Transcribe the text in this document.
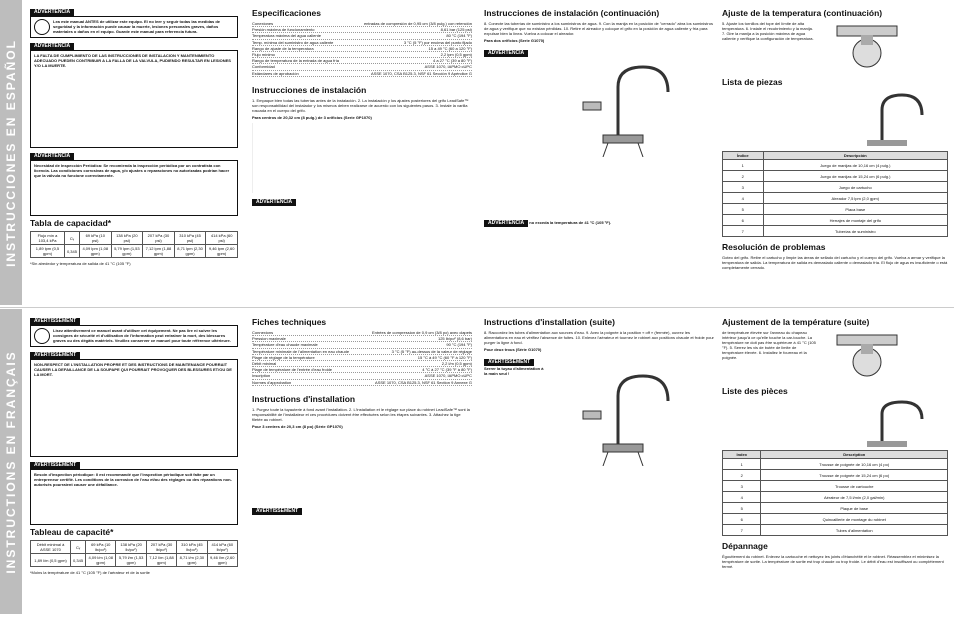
INSTRUCCIONES EN ESPAÑOL
ADVERTENCIA
Lea este manual ANTES de utilizar este equipo. El no leer y seguir todas las medidas de seguridad y la información puede causar la muerte, lesiones personales graves, daños materiales o daños en el equipo. Guarde este manual para referencia futura.
ADVERTENCIA
LA FALTA DE CUMPLIMIENTO DE LAS INSTRUCCIONES DE INSTALACION Y MANTENIMIENTO ADECUADO PUEDEN CONTRIBUIR A LA FALLA DE LA VALVULA, PUDIENDO RESULTAR EN LESIONES Y/O LA MUERTE.
ADVERTENCIA
Necesidad de Inspección Periódica: Se recomienda la inspección periódica por un contratista con licencia. Las condiciones corrosivas de agua, y/o ajustes o reparaciones no autorizadas podrían hacer que la válvula no funcione correctamente.
Tabla de capacidad*
Flujo mín a 103,4 kPa	Cᵥ	69 kPa (10 psi)	138 kPa (20 psi)	207 kPa (30 psi)	310 kPa (45 psi)	414 kPa (60 psi)
1,89 lpm (0,5 gpm)	0,345	4,09 lpm (1,08 gpm)	5,79 lpm (1,53 gpm)	7,12 lpm (1,88 gpm)	8,71 lpm (2,30 gpm)	9,46 lpm (2,60 gpm)
*Sin alrededor y temperatura de salida de 41 °C (105 °F)
Especificaciones
Conexiones	entradas de compresión de 0,95 cm (3/8 pulg.) con retención
Presión máxima de funcionamiento	8,61 bar (125 psi)
Temperatura máxima del agua caliente	80 °C (194 °F)
Temp. mínima del suministro de agua caliente	3 °C (5 °F) por encima del punto fijado
Rango de ajuste de la temperatura	15 a 49 °C (60 a 120 °F)
Flujo mínimo	2,2 lpm (0,5 gpm)
Rango de temperatura de la entrada de agua fría	4 a 27 °C (39 a 80 °F)
Conformidad	ASSE 1070, IAPMO cUPC
Estándares de aprobación	ASSE 1070, CSA B125.3, NSF 61 Sección 9 Apéndice G
Instrucciones de instalación
1. Empaque bien todas las tuberías antes de la instalación. 2. La instalación y los ajustes posteriores del grifo LeadSafe™ son responsabilidad del instalador y los mismos deben realizarse de acuerdo con los siguientes pasos. 3. Instale la varilla roscada en el cuerpo del grifo.
Para centros de 20,32 cm (8 pulg.) de 3 orificios (Serie GP1070)
ADVERTENCIA
Instrucciones de instalación (continuación)
8. Conecte las tuberías de suministro a los suministros de agua. 9. Con la manija en la posición de "cerrado" abra los suministros de agua y verifique que no existan pérdidas. 10. Retire el aireador y coloque el grifo en la posición de agua caliente y fría para expulsar bien la línea. Vuelva a colocar el aireador.
Para dos orificios (Serie G1070)
ADVERTENCIA
ADVERTENCIA no exceda la temperatura de 41 °C (105 °F).
Ajuste de la temperatura (continuación)
5. Ajuste los tornillos del tope del límite de alta temperatura. 6. Instale el recubrimiento y la manija. 7. Gire la manija a la posición máxima de agua caliente y verifique la configuración de temperatura.
Lista de piezas
Índice	Descripción
1	Juego de manijas de 10,16 cm (4 pulg.)
2	Juego de manijas de 15,24 cm (6 pulg.)
3	Juego de cartucho
4	Aireador 7,5 lpm (2,0 gpm)
5	Placa base
6	Herrajes de montaje del grifo
7	Tuberías de suministro
Resolución de problemas
Goteo del grifo. Retire el cartucho y limpie las áreas de sellado del cartucho y el cuerpo del grifo. Vuelva a armar y verifique la temperatura de salida. La temperatura de salida es demasiado caliente o demasiado fría. El flujo de agua es insuficiente o está completamente cerrado.
INSTRUCTIONS EN FRANÇAIS
AVERTISSEMENT
Lisez attentivement ce manuel avant d'utiliser cet équipement. Ne pas lire ni suivre les consignes de sécurité et d'utilisation de l'information peut entraîner la mort, des blessures graves ou des dégâts matériels. Veuillez conserver ce manuel pour toute référence ultérieure.
AVERTISSEMENT
NON-RESPECT DE L'INSTALLATION PROPRE ET DES INSTRUCTIONS DE MAINTENANCE POURRAIT CAUSER LA DEFAILLANCE DE LA SOUPAPE QUI POURRAIT PROVOQUER DES BLESSURES ET/OU DE LA MORT.
AVERTISSEMENT
Besoin d'inspection périodique: Il est recommandé que l'inspection périodique soit faite par un entrepreneur certifié. Les conditions de la corrosion de l'eau et/ou des réglages ou des réparations non-autorisés pourraient causer une défaillance.
Tableau de capacité*
Débit minimal à ASSE 1070	Cᵥ	69 kPa (10 lb/po²)	138 kPa (20 lb/po²)	207 kPa (30 lb/po²)	310 kPa (45 lb/po²)	414 kPa (60 lb/po²)
1,89 l/m (0,5 gpm)	0,345	4,09 l/m (1,08 gpm)	5,79 l/m (1,53 gpm)	7,12 l/m (1,88 gpm)	8,71 l/m (2,30 gpm)	9,46 l/m (2,60 gpm)
*Moins la température de 41 °C (105 °F) de l'aérateur et de la sortie
Fiches techniques
Connexions	Entrées de compression de 0,9 cm (3/8 po) avec clapets
Pression maximale	125 lb/po² (8,6 bar)
Température d'eau chaude maximale	90 °C (194 °F)
Température minimale de l'alimentation en eau chaude	3 °C (5 °F) au-dessus de la valeur de réglage
Plage de réglage de la température	15 °C à 49 °C (60 °F à 120 °F)
Débit minimal	2,2 l/m (0,5 gpm)
Plage de température de l'entrée d'eau froide	4 °C à 27 °C (39 °F à 80 °F)
Inscription	ASSE 1070, IAPMO cUPC
Normes d'approbation	ASSE 1070, CSA B125.3, NSF 61 Section 9 Annexe G
Instructions d'installation
1. Purgez toute la tuyauterie à fond avant l'installation. 2. L'installation et le réglage sur place du robinet LeadSafe™ sont la responsabilité de l'installateur et ces procédures doivent être effectuées selon les étapes suivantes. 3. Attachez la tige filetée au robinet.
Pour 3 centres de 20,3 cm (8 po) (Série GP1070)
AVERTISSEMENT
Instructions d'installation (suite)
8. Raccordez les tubes d'alimentation aux sources d'eau. 9. Avec la poignée à la position « off » (fermée), ouvrez les alimentations en eau et vérifiez l'absence de fuites. 10. Enlevez l'aérateur et tournez le robinet aux positions chaude et froide pour purger la ligne à fond.
Pour deux trous (Série G1070)
AVERTISSEMENT
Serrer la tuyau d'alimentation à la main seul !
Ajustement de la température (suite)
de température élevée sur l'anneau du chapeau intérieur jusqu'à ce qu'elle touche la car-touche. La température ne doit pas être supérieure à 41 °C (105 °F). 5. Serrez les vis de butée de limite de température élevée. 6. Installez le fourreau et la poignée.
Liste des pièces
Index	Description
1	Trousse de poignée de 10,16 cm (4 po)
2	Trousse de poignée de 15,24 cm (6 po)
3	Trousse de cartouche
4	Aérateur de 7,5 l/min (2,0 gal/min)
5	Plaque de base
6	Quincaillerie de montage du robinet
7	Tubes d'alimentation
Dépannage
Égouttement du robinet. Enlevez la cartouche et nettoyez les joints d'étanchéité et le robinet. Réassemblez et minimisez la température de sortie. La température de sortie est trop chaude ou trop froide. Le débit d'eau est insuffisant ou complètement fermé.
